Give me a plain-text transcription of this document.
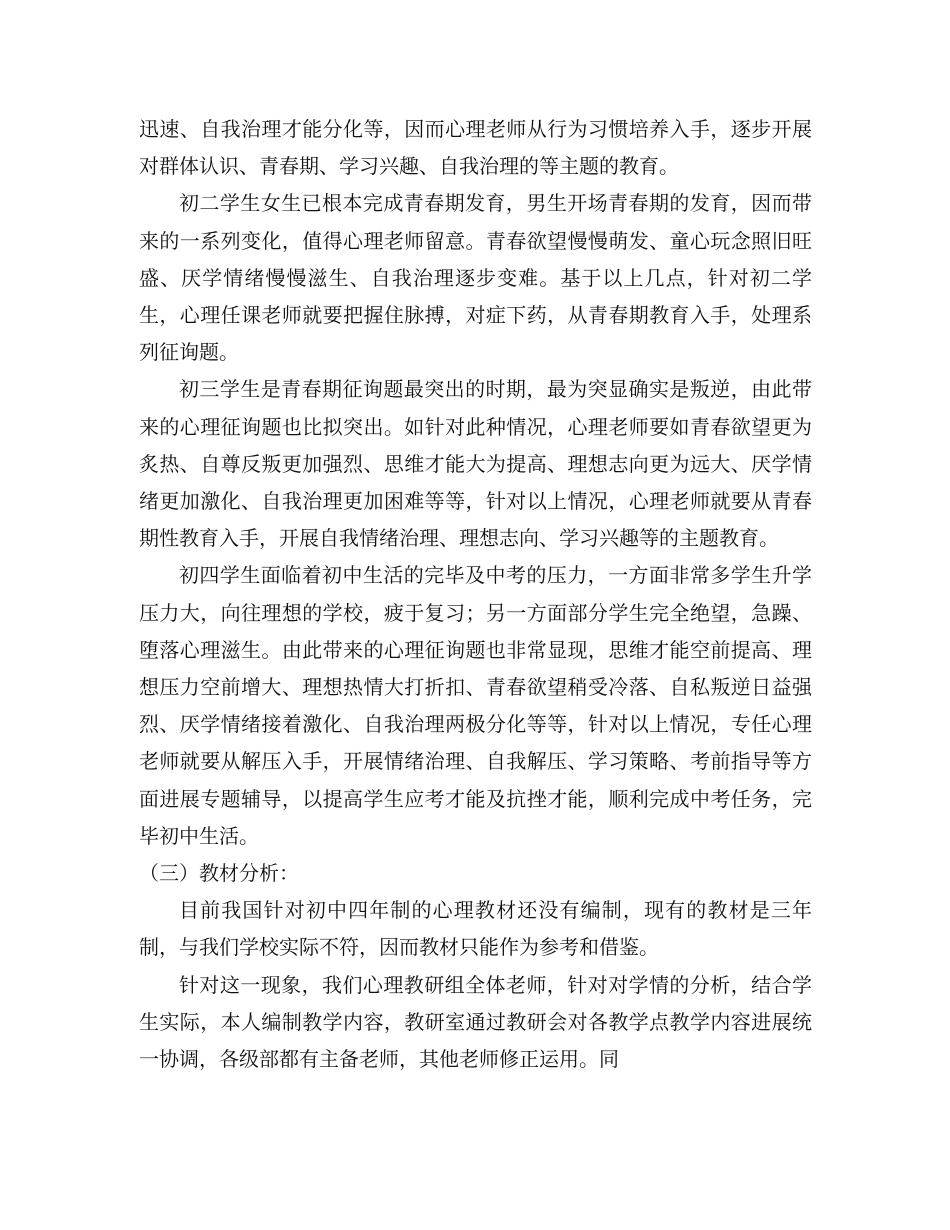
迅速、自我治理才能分化等，因而心理老师从行为习惯培养入手，逐步开展对群体认识、青春期、学习兴趣、自我治理的等主题的教育。

初二学生女生已根本完成青春期发育，男生开场青春期的发育，因而带来的一系列变化，值得心理老师留意。青春欲望慢慢萌发、童心玩念照旧旺盛、厌学情绪慢慢滋生、自我治理逐步变难。基于以上几点，针对初二学生，心理任课老师就要把握住脉搏，对症下药，从青春期教育入手，处理系列征询题。

初三学生是青春期征询题最突出的时期，最为突显确实是叛逆，由此带来的心理征询题也比拟突出。如针对此种情况，心理老师要如青春欲望更为炙热、自尊反叛更加强烈、思维才能大为提高、理想志向更为远大、厌学情绪更加激化、自我治理更加困难等等，针对以上情况，心理老师就要从青春期性教育入手，开展自我情绪治理、理想志向、学习兴趣等的主题教育。

初四学生面临着初中生活的完毕及中考的压力，一方面非常多学生升学压力大，向往理想的学校，疲于复习；另一方面部分学生完全绝望，急躁、堕落心理滋生。由此带来的心理征询题也非常显现，思维才能空前提高、理想压力空前增大、理想热情大打折扣、青春欲望稍受冷落、自私叛逆日益强烈、厌学情绪接着激化、自我治理两极分化等等，针对以上情况，专任心理老师就要从解压入手，开展情绪治理、自我解压、学习策略、考前指导等方面进展专题辅导，以提高学生应考才能及抗挫才能，顺利完成中考任务，完毕初中生活。

（三）教材分析：

目前我国针对初中四年制的心理教材还没有编制，现有的教材是三年制，与我们学校实际不符，因而教材只能作为参考和借鉴。

针对这一现象，我们心理教研组全体老师，针对对学情的分析，结合学生实际，本人编制教学内容，教研室通过教研会对各教学点教学内容进展统一协调，各级部都有主备老师，其他老师修正运用。同
